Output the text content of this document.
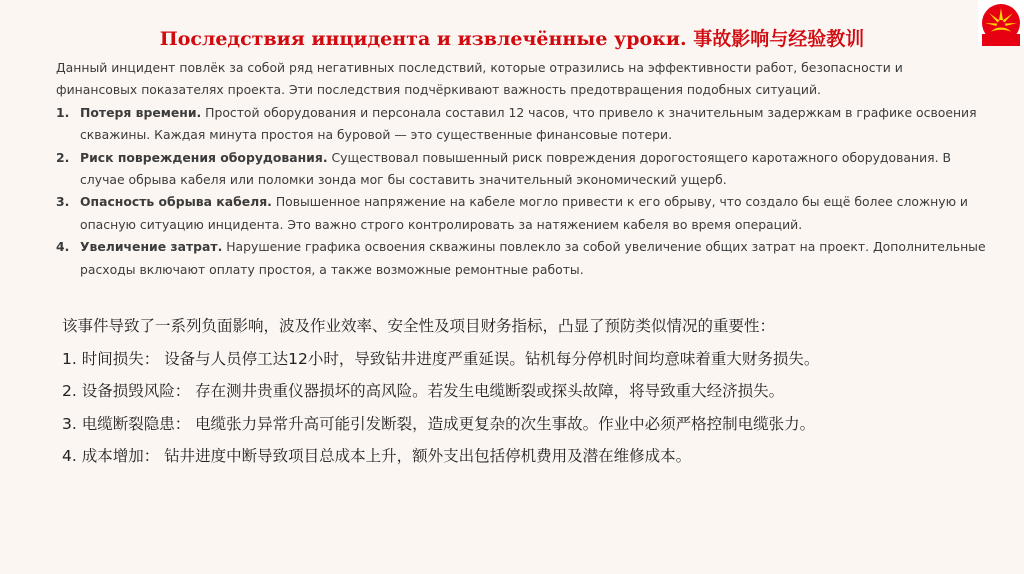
Последствия инцидента и извлечённые уроки. 事故影响与经验教训

Данный инцидент повлёк за собой ряд негативных последствий, которые отразились на эффективности работ, безопасности и финансовых показателях проекта. Эти последствия подчёркивают важность предотвращения подобных ситуаций.

1. Потеря времени. Простой оборудования и персонала составил 12 часов, что привело к значительным задержкам в графике освоения скважины. Каждая минута простоя на буровой — это существенные финансовые потери.
2. Риск повреждения оборудования. Существовал повышенный риск повреждения дорогостоящего каротажного оборудования. В случае обрыва кабеля или поломки зонда мог бы составить значительный экономический ущерб.
3. Опасность обрыва кабеля. Повышенное напряжение на кабеле могло привести к его обрыву, что создало бы ещё более сложную и опасную ситуацию инцидента. Это важно строго контролировать за натяжением кабеля во время операций.
4. Увеличение затрат. Нарушение графика освоения скважины повлекло за собой увеличение общих затрат на проект. Дополнительные расходы включают оплату простоя, а также возможные ремонтные работы.

该事件导致了一系列负面影响，波及作业效率、安全性及项目财务指标，凸显了预防类似情况的重要性：

1. 时间损失： 设备与人员停工达12小时，导致钻井进度严重延误。钻机每分停机时间均意味着重大财务损失。
2. 设备损毁风险： 存在测井贵重仪器损坏的高风险。若发生电缆断裂或探头故障，将导致重大经济损失。
3. 电缆断裂隐患： 电缆张力异常升高可能引发断裂，造成更复杂的次生事故。作业中必须严格控制电缆张力。
4. 成本增加： 钻井进度中断导致项目总成本上升，额外支出包括停机费用及潜在维修成本。
